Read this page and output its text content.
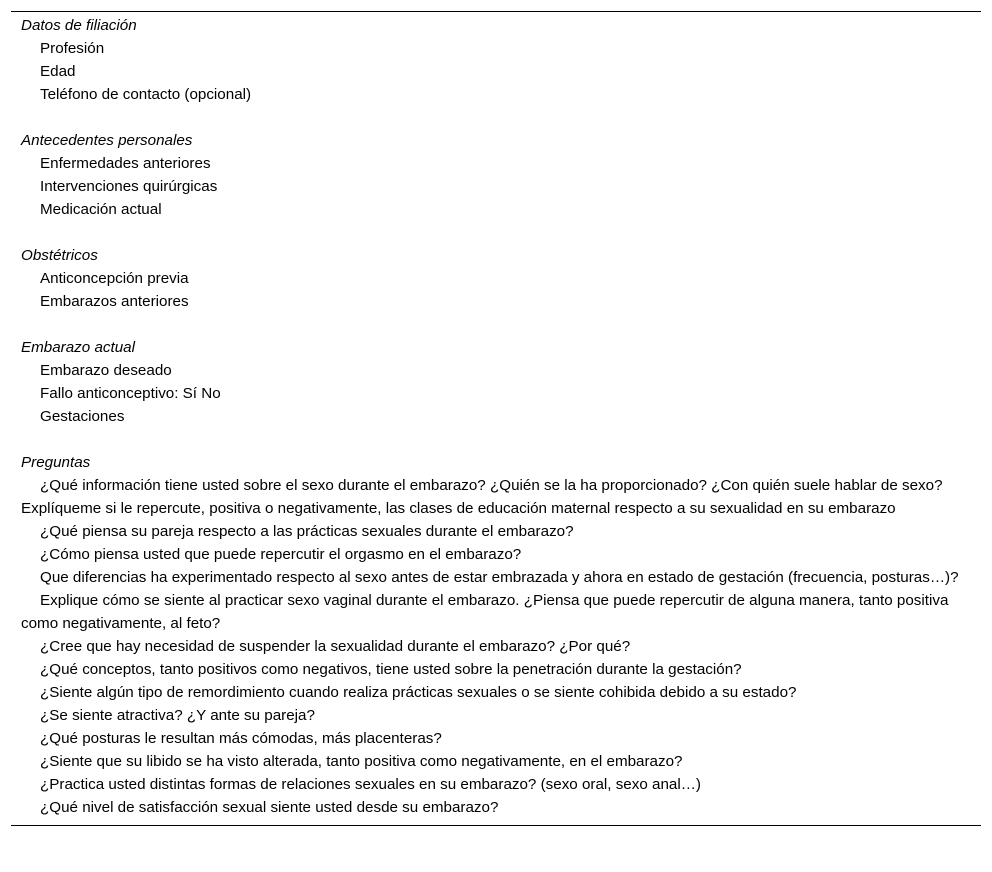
Datos de filiación
Profesión
Edad
Teléfono de contacto (opcional)
Antecedentes personales
Enfermedades anteriores
Intervenciones quirúrgicas
Medicación actual
Obstétricos
Anticoncepción previa
Embarazos anteriores
Embarazo actual
Embarazo deseado
Fallo anticonceptivo: Sí No
Gestaciones
Preguntas
¿Qué información tiene usted sobre el sexo durante el embarazo? ¿Quién se la ha proporcionado? ¿Con quién suele hablar de sexo? Explíqueme si le repercute, positiva o negativamente, las clases de educación maternal respecto a su sexualidad en su embarazo
¿Qué piensa su pareja respecto a las prácticas sexuales durante el embarazo?
¿Cómo piensa usted que puede repercutir el orgasmo en el embarazo?
Que diferencias ha experimentado respecto al sexo antes de estar embrazada y ahora en estado de gestación (frecuencia, posturas…)?
Explique cómo se siente al practicar sexo vaginal durante el embarazo. ¿Piensa que puede repercutir de alguna manera, tanto positiva como negativamente, al feto?
¿Cree que hay necesidad de suspender la sexualidad durante el embarazo? ¿Por qué?
¿Qué conceptos, tanto positivos como negativos, tiene usted sobre la penetración durante la gestación?
¿Siente algún tipo de remordimiento cuando realiza prácticas sexuales o se siente cohibida debido a su estado?
¿Se siente atractiva? ¿Y ante su pareja?
¿Qué posturas le resultan más cómodas, más placenteras?
¿Siente que su libido se ha visto alterada, tanto positiva como negativamente, en el embarazo?
¿Practica usted distintas formas de relaciones sexuales en su embarazo? (sexo oral, sexo anal…)
¿Qué nivel de satisfacción sexual siente usted desde su embarazo?
